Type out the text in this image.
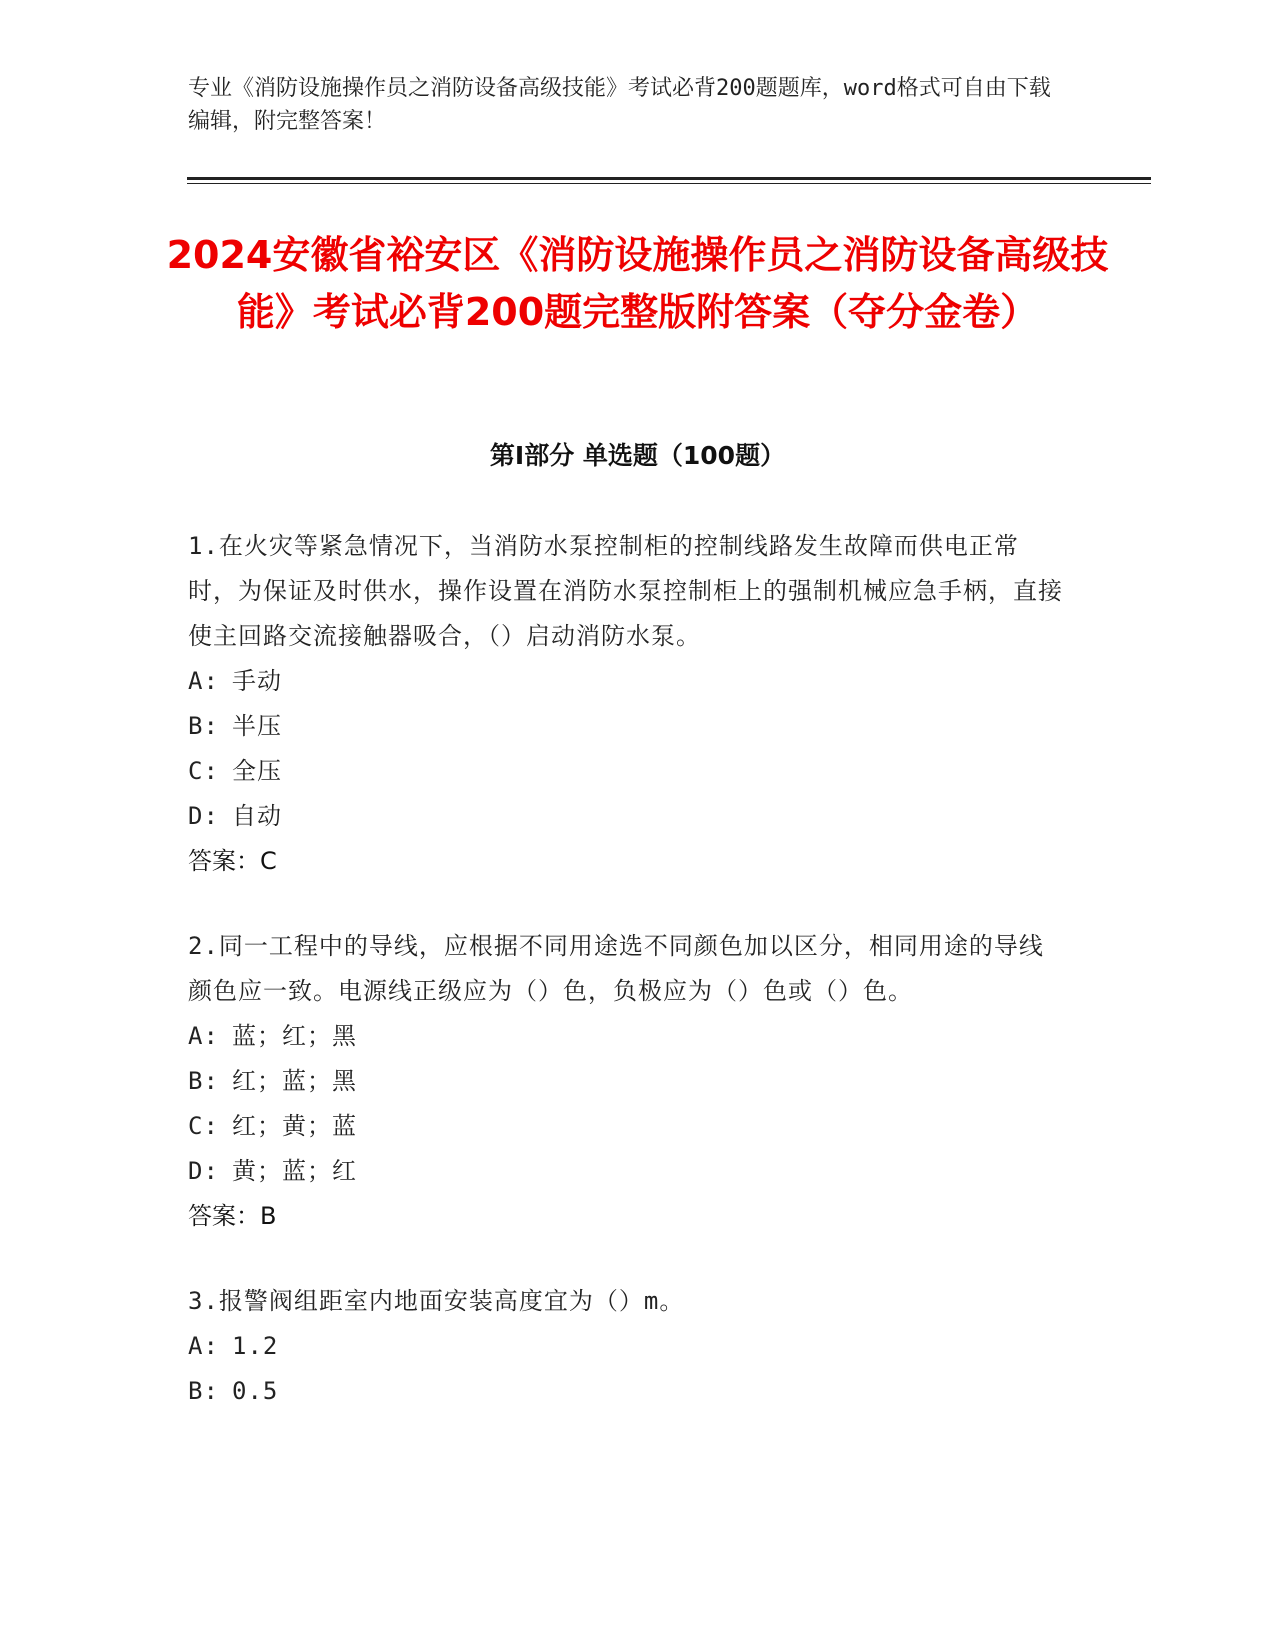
专业《消防设施操作员之消防设备高级技能》考试必背200题题库，word格式可自由下载编辑，附完整答案！
2024安徽省裕安区《消防设施操作员之消防设备高级技能》考试必背200题完整版附答案（夺分金卷）
第Ⅰ部分 单选题（100题）
1.在火灾等紧急情况下，当消防水泵控制柜的控制线路发生故障而供电正常时，为保证及时供水，操作设置在消防水泵控制柜上的强制机械应急手柄，直接使主回路交流接触器吸合，（）启动消防水泵。
A: 手动
B: 半压
C: 全压
D: 自动
答案：C
2.同一工程中的导线，应根据不同用途选不同颜色加以区分，相同用途的导线颜色应一致。电源线正级应为（）色，负极应为（）色或（）色。
A: 蓝；红；黑
B: 红；蓝；黑
C: 红；黄；蓝
D: 黄；蓝；红
答案：B
3.报警阀组距室内地面安装高度宜为（）m。
A: 1.2
B: 0.5
